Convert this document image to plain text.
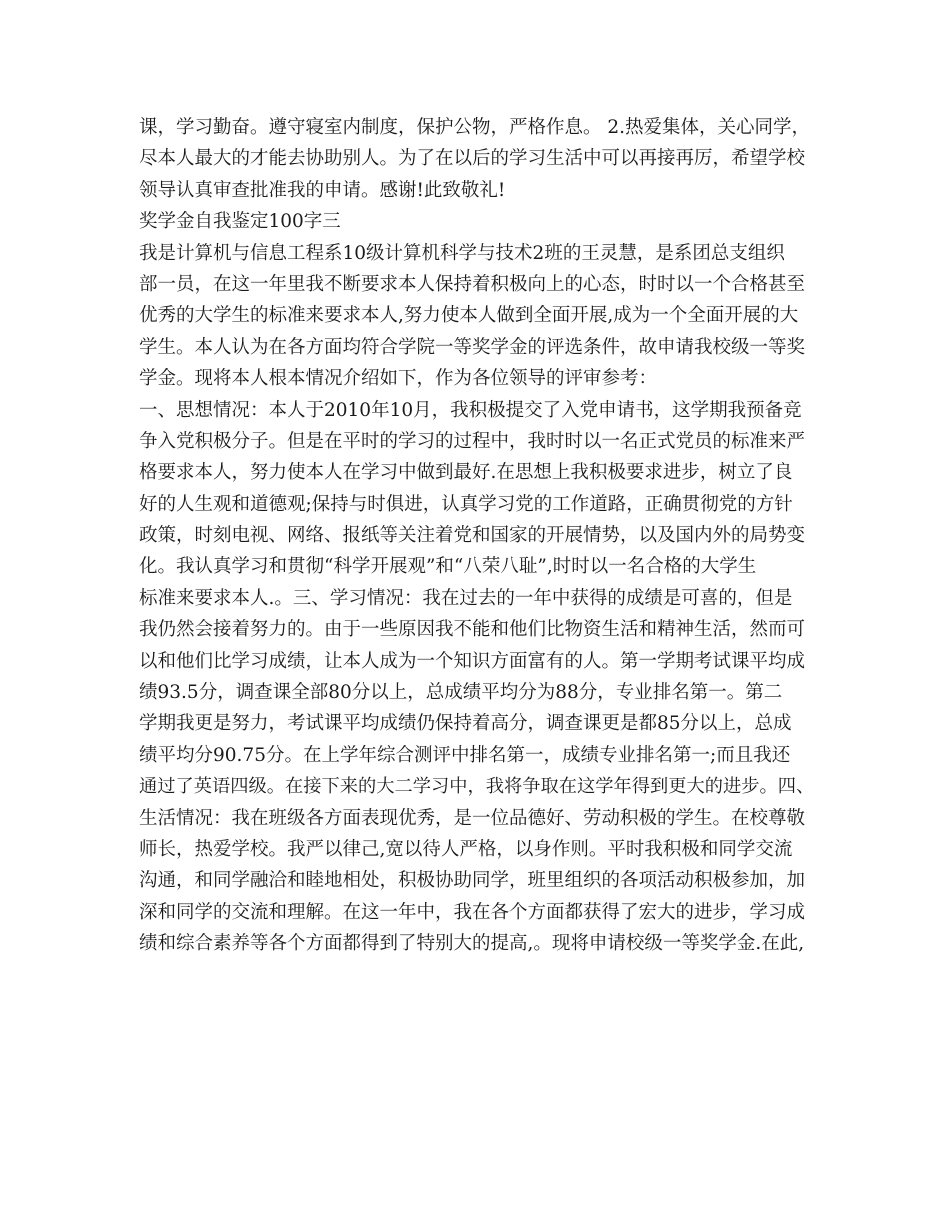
课，学习勤奋。遵守寝室内制度，保护公物，严格作息。 2.热爱集体，关心同学，
尽本人最大的才能去协助别人。为了在以后的学习生活中可以再接再厉，希望学校
领导认真审查批准我的申请。感谢!此致敬礼!
奖学金自我鉴定100字三
我是计算机与信息工程系10级计算机科学与技术2班的王灵慧，是系团总支组织
部一员，在这一年里我不断要求本人保持着积极向上的心态，时时以一个合格甚至
优秀的大学生的标准来要求本人,努力使本人做到全面开展,成为一个全面开展的大
学生。本人认为在各方面均符合学院一等奖学金的评选条件，故申请我校级一等奖
学金。现将本人根本情况介绍如下，作为各位领导的评审参考：
一、思想情况：本人于2010年10月，我积极提交了入党申请书，这学期我预备竞
争入党积极分子。但是在平时的学习的过程中，我时时以一名正式党员的标准来严
格要求本人，努力使本人在学习中做到最好.在思想上我积极要求进步，树立了良
好的人生观和道德观;保持与时俱进，认真学习党的工作道路，正确贯彻党的方针
政策，时刻电视、网络、报纸等关注着党和国家的开展情势，以及国内外的局势变
化。我认真学习和贯彻“科学开展观”和“八荣八耻”,时时以一名合格的大学生
标准来要求本人.。三、学习情况：我在过去的一年中获得的成绩是可喜的，但是
我仍然会接着努力的。由于一些原因我不能和他们比物资生活和精神生活，然而可
以和他们比学习成绩，让本人成为一个知识方面富有的人。第一学期考试课平均成
绩93.5分，调查课全部80分以上，总成绩平均分为88分，专业排名第一。第二
学期我更是努力，考试课平均成绩仍保持着高分，调查课更是都85分以上，总成
绩平均分90.75分。在上学年综合测评中排名第一，成绩专业排名第一;而且我还
通过了英语四级。在接下来的大二学习中，我将争取在这学年得到更大的进步。四、
生活情况：我在班级各方面表现优秀，是一位品德好、劳动积极的学生。在校尊敬
师长，热爱学校。我严以律己,宽以待人严格，以身作则。平时我积极和同学交流
沟通，和同学融洽和睦地相处，积极协助同学，班里组织的各项活动积极参加，加
深和同学的交流和理解。在这一年中，我在各个方面都获得了宏大的进步，学习成
绩和综合素养等各个方面都得到了特别大的提高,。现将申请校级一等奖学金.在此,
